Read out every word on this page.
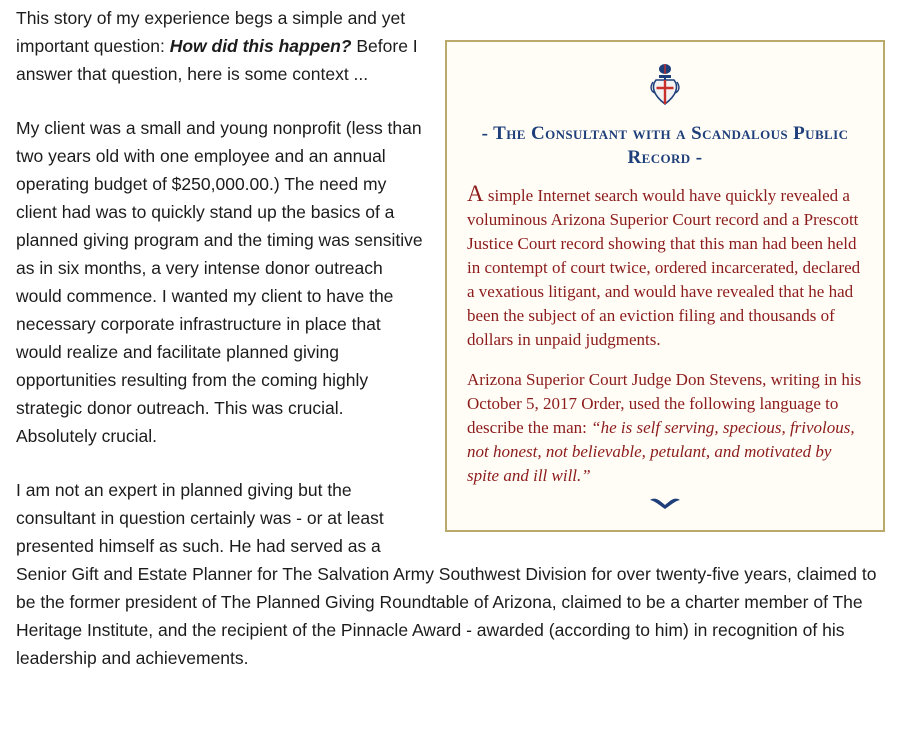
- The Consultant with a Scandalous Public Record -

A simple Internet search would have quickly revealed a voluminous Arizona Superior Court record and a Prescott Justice Court record showing that this man had been held in contempt of court twice, ordered incarcerated, declared a vexatious litigant, and would have revealed that he had been the subject of an eviction filing and thousands of dollars in unpaid judgments.

Arizona Superior Court Judge Don Stevens, writing in his October 5, 2017 Order, used the following language to describe the man: “he is self serving, specious, frivolous, not honest, not believable, petulant, and motivated by spite and ill will.”

This story of my experience begs a simple and yet important question: How did this happen? Before I answer that question, here is some context ...

My client was a small and young nonprofit (less than two years old with one employee and an annual operating budget of $250,000.00.) The need my client had was to quickly stand up the basics of a planned giving program and the timing was sensitive as in six months, a very intense donor outreach would commence. I wanted my client to have the necessary corporate infrastructure in place that would realize and facilitate planned giving opportunities resulting from the coming highly strategic donor outreach. This was crucial. Absolutely crucial.

I am not an expert in planned giving but the consultant in question certainly was - or at least presented himself as such. He had served as a Senior Gift and Estate Planner for The Salvation Army Southwest Division for over twenty-five years, claimed to be the former president of The Planned Giving Roundtable of Arizona, claimed to be a charter member of The Heritage Institute, and the recipient of the Pinnacle Award - awarded (according to him) in recognition of his leadership and achievements.
